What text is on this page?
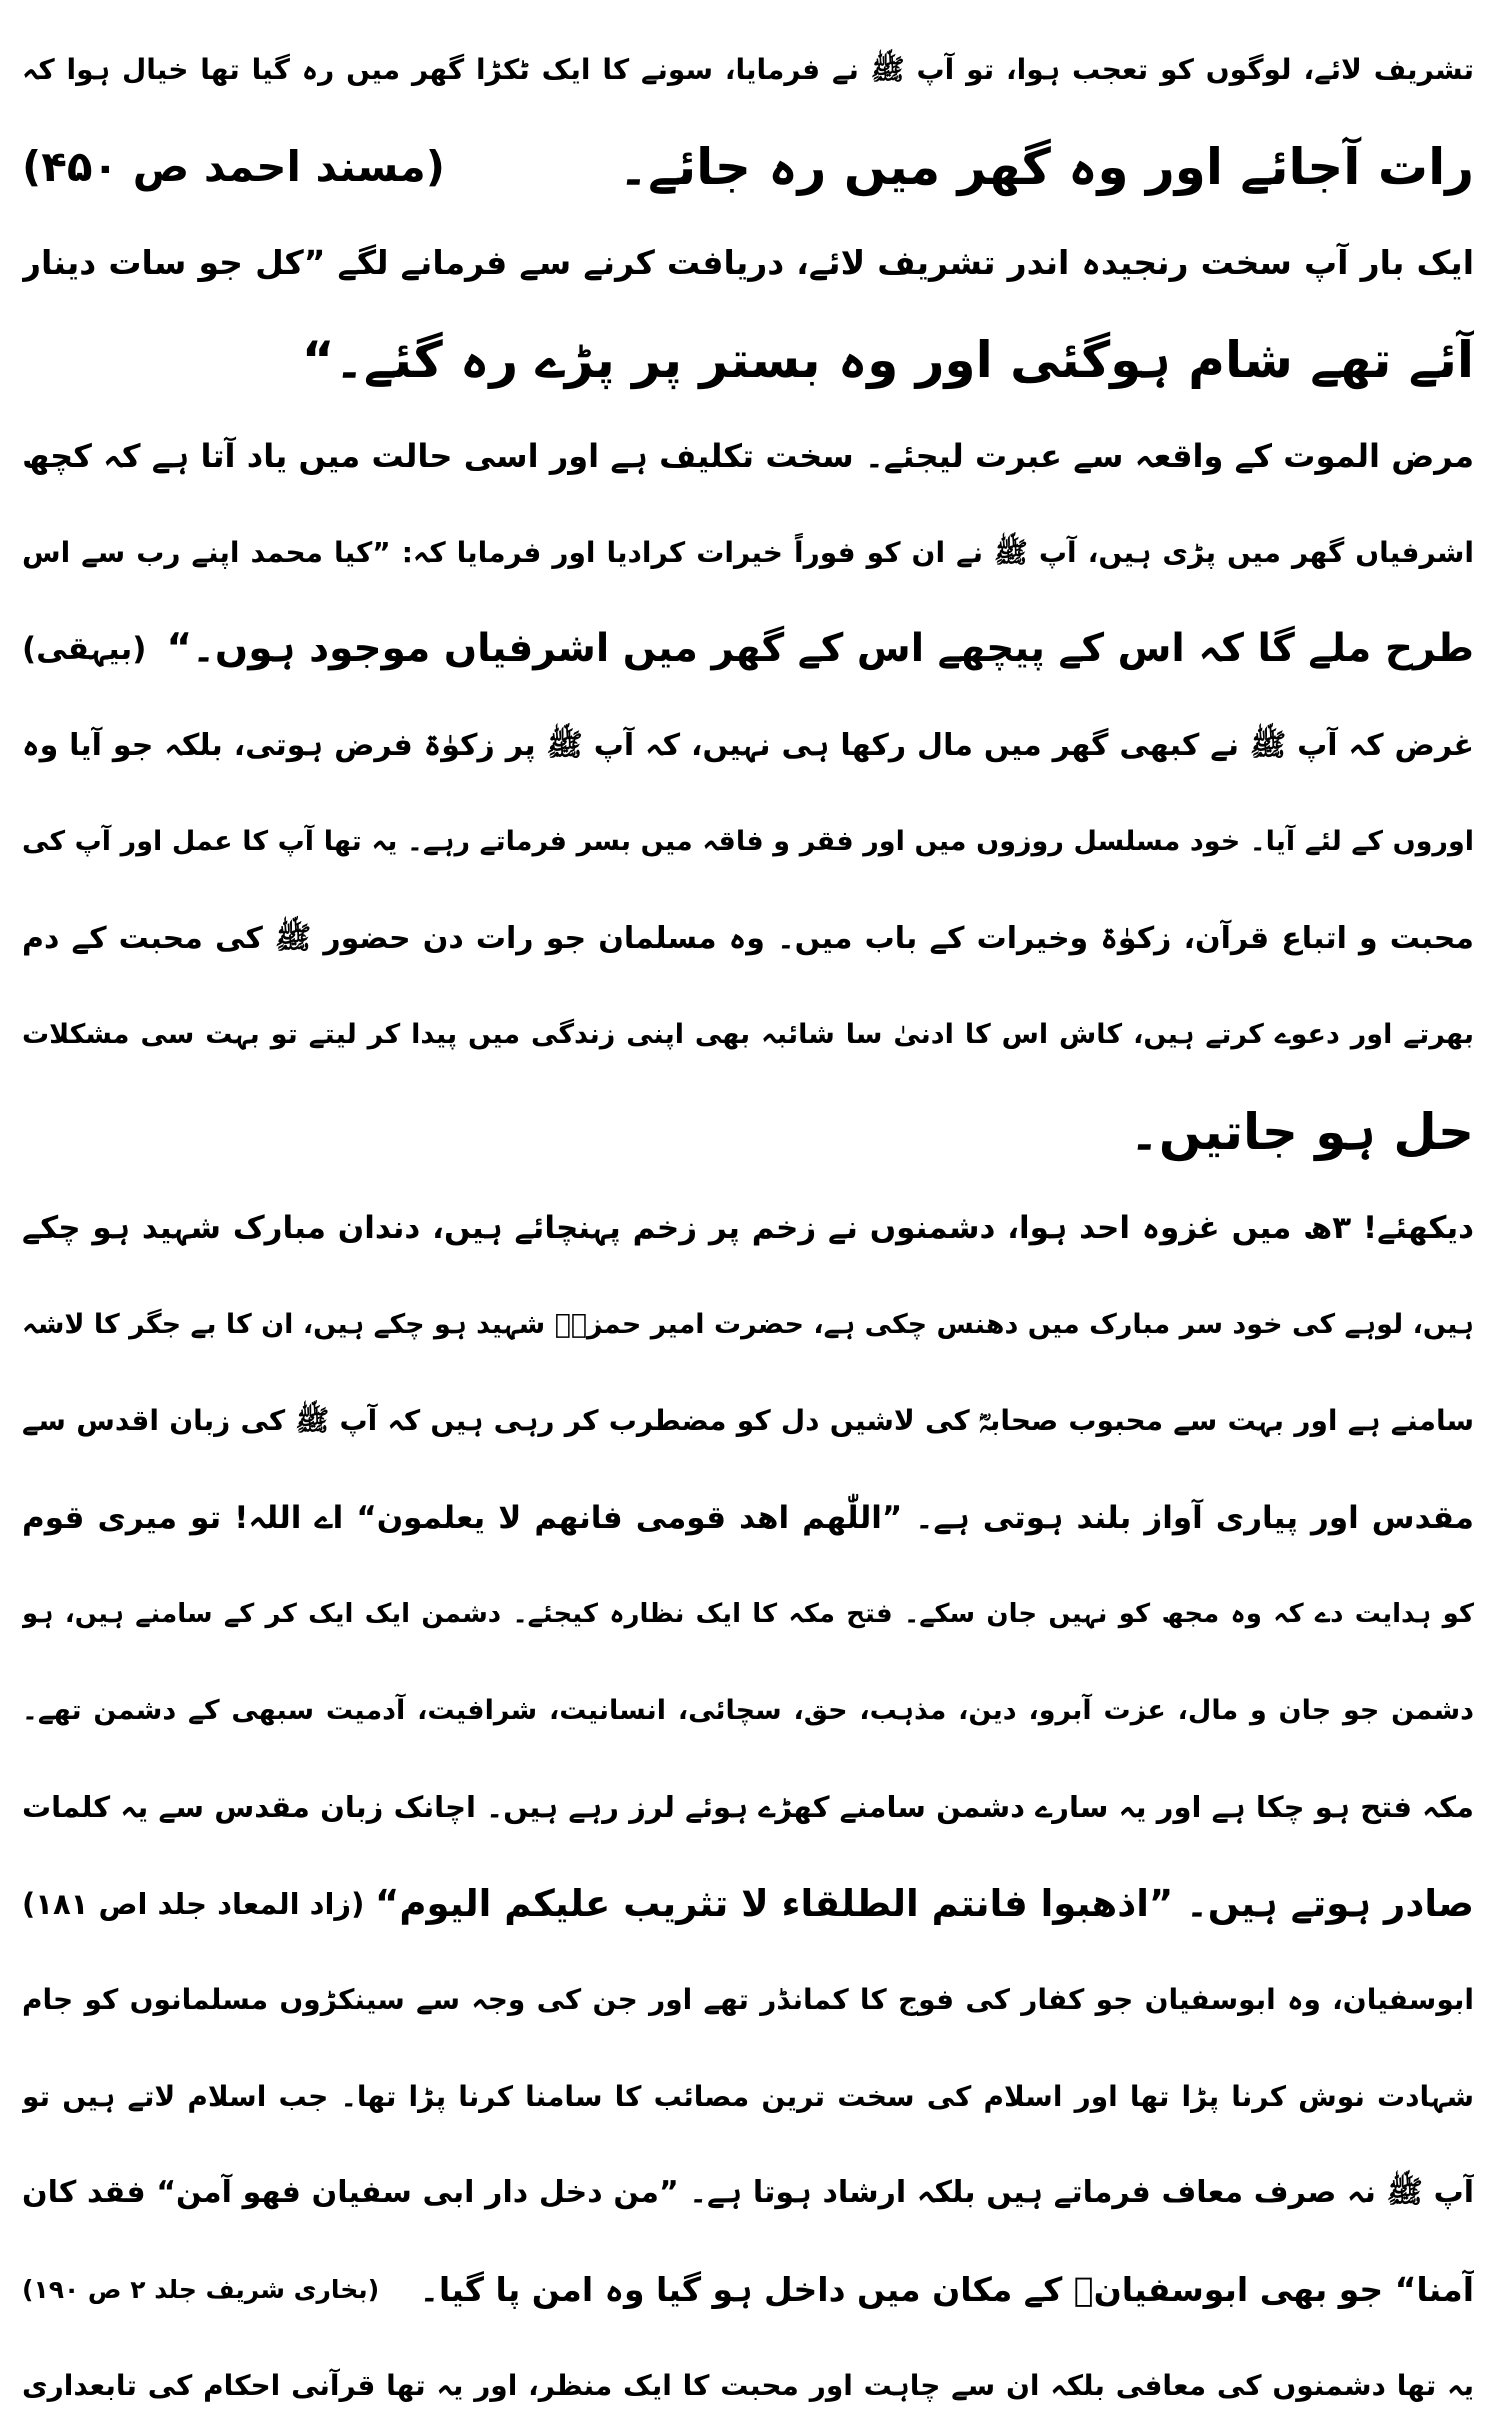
تشریف لائے، لوگوں کو تعجب ہوا، تو آپ ﷺ نے فرمایا، سونے کا ایک ٹکڑا گھر میں رہ گیا تھا خیال ہوا کہ
رات آجائے اور وہ گھر میں رہ جائے۔
(مسند احمد ص ۴۵۰)
ایک بار آپ سخت رنجیدہ اندر تشریف لائے، دریافت کرنے سے فرمانے لگے ”کل جو سات دینار
آئے تھے شام ہوگئی اور وہ بستر پر پڑے رہ گئے۔“
مرض الموت کے واقعہ سے عبرت لیجئے۔ سخت تکلیف ہے اور اسی حالت میں یاد آتا ہے کہ کچھ
اشرفیاں گھر میں پڑی ہیں، آپ ﷺ نے ان کو فوراً خیرات کرادیا اور فرمایا کہ: ”کیا محمد اپنے رب سے اس
طرح ملے گا کہ اس کے پیچھے اس کے گھر میں اشرفیاں موجود ہوں۔“
(بیہقی)
غرض کہ آپ ﷺ نے کبھی گھر میں مال رکھا ہی نہیں، کہ آپ ﷺ پر زکوٰۃ فرض ہوتی، بلکہ جو آیا وہ
اوروں کے لئے آیا۔ خود مسلسل روزوں میں اور فقر و فاقہ میں بسر فرماتے رہے۔ یہ تھا آپ کا عمل اور آپ کی
محبت و اتباع قرآن، زکوٰۃ وخیرات کے باب میں۔ وہ مسلمان جو رات دن حضور ﷺ کی محبت کے دم
بھرتے اور دعوے کرتے ہیں، کاش اس کا ادنیٰ سا شائبہ بھی اپنی زندگی میں پیدا کر لیتے تو بہت سی مشکلات
حل ہو جاتیں۔
دیکھئے! ۳ھ میں غزوہ احد ہوا، دشمنوں نے زخم پر زخم پہنچائے ہیں، دندان مبارک شہید ہو چکے
ہیں، لوہے کی خود سر مبارک میں دھنس چکی ہے، حضرت امیر حمزہؓ شہید ہو چکے ہیں، ان کا بے جگر کا لاشہ
سامنے ہے اور بہت سے محبوب صحابہؓ کی لاشیں دل کو مضطرب کر رہی ہیں کہ آپ ﷺ کی زبان اقدس سے
مقدس اور پیاری آواز بلند ہوتی ہے۔ ”اللّٰھم اھد قومی فانھم لا یعلمون“ اے اللہ! تو میری قوم
کو ہدایت دے کہ وہ مجھ کو نہیں جان سکے۔ فتح مکہ کا ایک نظارہ کیجئے۔ دشمن ایک ایک کر کے سامنے ہیں، ہو
دشمن جو جان و مال، عزت آبرو، دین، مذہب، حق، سچائی، انسانیت، شرافیت، آدمیت سبھی کے دشمن تھے۔
مکہ فتح ہو چکا ہے اور یہ سارے دشمن سامنے کھڑے ہوئے لرز رہے ہیں۔ اچانک زبان مقدس سے یہ کلمات
صادر ہوتے ہیں۔ ”اذھبوا فانتم الطلقاء لا تثریب علیکم الیوم“
(زاد المعاد جلد اص ۱۸۱)
ابوسفیان، وہ ابوسفیان جو کفار کی فوج کا کمانڈر تھے اور جن کی وجہ سے سینکڑوں مسلمانوں کو جام
شہادت نوش کرنا پڑا تھا اور اسلام کی سخت ترین مصائب کا سامنا کرنا پڑا تھا۔ جب اسلام لاتے ہیں تو
آپ ﷺ نہ صرف معاف فرماتے ہیں بلکہ ارشاد ہوتا ہے۔ ”من دخل دار ابی سفیان فھو آمن“ فقد کان
آمنا“ جو بھی ابوسفیانؓ کے مکان میں داخل ہو گیا وہ امن پا گیا۔
(بخاری شریف جلد ۲ ص ۱۹۰)
یہ تھا دشمنوں کی معافی بلکہ ان سے چاہت اور محبت کا ایک منظر، اور یہ تھا قرآنی احکام کی تابعداری
